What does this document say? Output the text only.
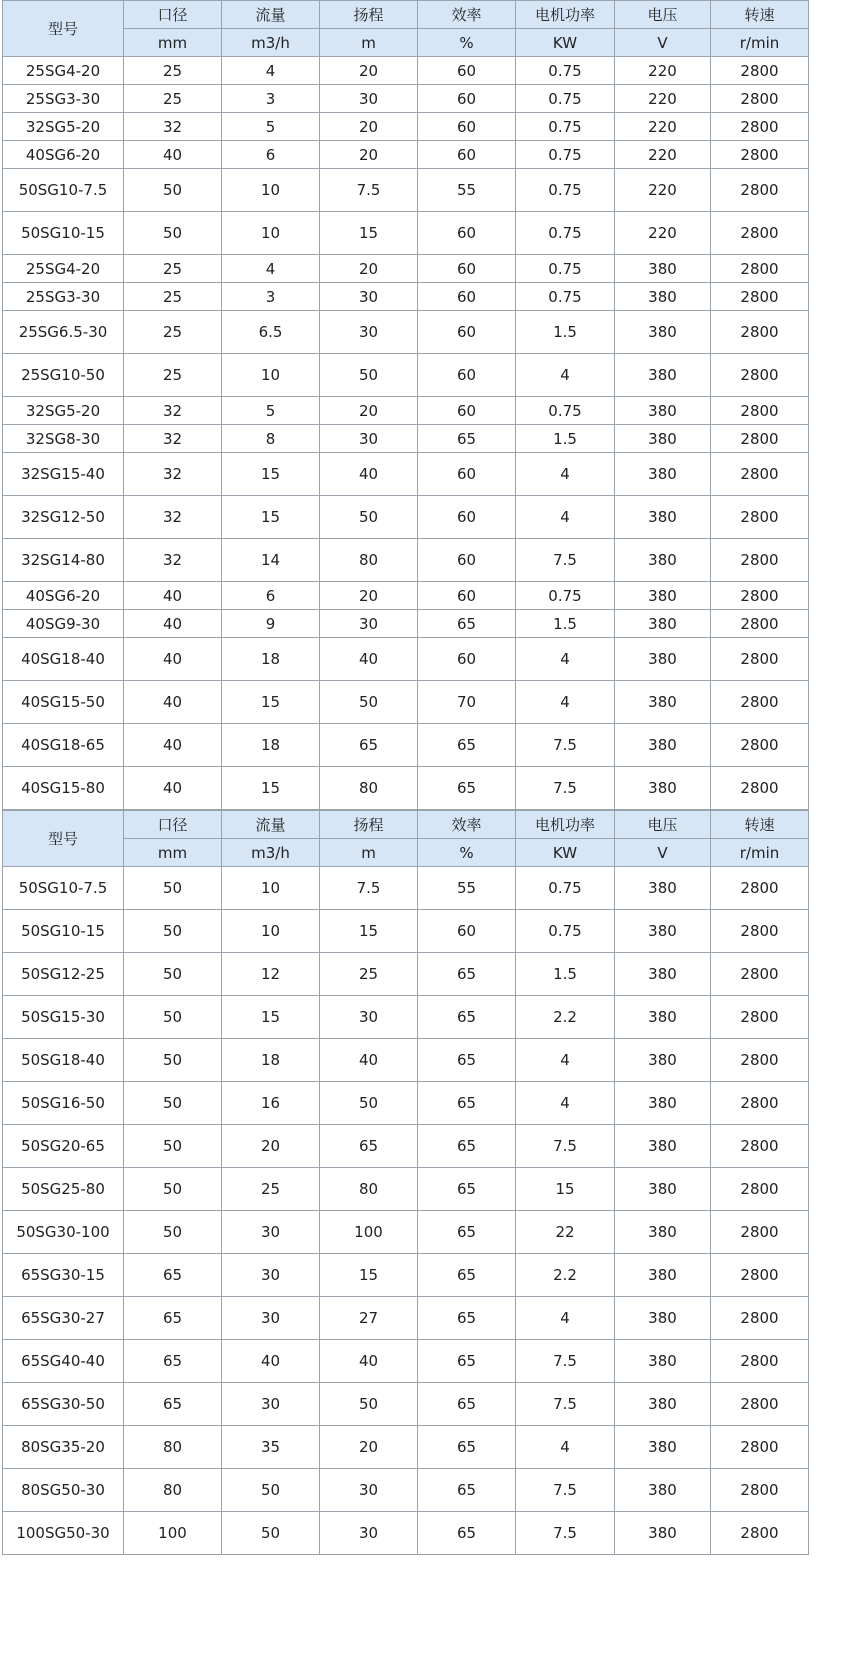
型号	口径	流量	扬程	效率	电机功率	电压	转速
	mm	m3/h	m	%	KW	V	r/min
25SG4-20	25	4	20	60	0.75	220	2800
25SG3-30	25	3	30	60	0.75	220	2800
32SG5-20	32	5	20	60	0.75	220	2800
40SG6-20	40	6	20	60	0.75	220	2800
50SG10-7.5	50	10	7.5	55	0.75	220	2800
50SG10-15	50	10	15	60	0.75	220	2800
25SG4-20	25	4	20	60	0.75	380	2800
25SG3-30	25	3	30	60	0.75	380	2800
25SG6.5-30	25	6.5	30	60	1.5	380	2800
25SG10-50	25	10	50	60	4	380	2800
32SG5-20	32	5	20	60	0.75	380	2800
32SG8-30	32	8	30	65	1.5	380	2800
32SG15-40	32	15	40	60	4	380	2800
32SG12-50	32	15	50	60	4	380	2800
32SG14-80	32	14	80	60	7.5	380	2800
40SG6-20	40	6	20	60	0.75	380	2800
40SG9-30	40	9	30	65	1.5	380	2800
40SG18-40	40	18	40	60	4	380	2800
40SG15-50	40	15	50	70	4	380	2800
40SG18-65	40	18	65	65	7.5	380	2800
40SG15-80	40	15	80	65	7.5	380	2800
型号	口径	流量	扬程	效率	电机功率	电压	转速
	mm	m3/h	m	%	KW	V	r/min
50SG10-7.5	50	10	7.5	55	0.75	380	2800
50SG10-15	50	10	15	60	0.75	380	2800
50SG12-25	50	12	25	65	1.5	380	2800
50SG15-30	50	15	30	65	2.2	380	2800
50SG18-40	50	18	40	65	4	380	2800
50SG16-50	50	16	50	65	4	380	2800
50SG20-65	50	20	65	65	7.5	380	2800
50SG25-80	50	25	80	65	15	380	2800
50SG30-100	50	30	100	65	22	380	2800
65SG30-15	65	30	15	65	2.2	380	2800
65SG30-27	65	30	27	65	4	380	2800
65SG40-40	65	40	40	65	7.5	380	2800
65SG30-50	65	30	50	65	7.5	380	2800
80SG35-20	80	35	20	65	4	380	2800
80SG50-30	80	50	30	65	7.5	380	2800
100SG50-30	100	50	30	65	7.5	380	2800
